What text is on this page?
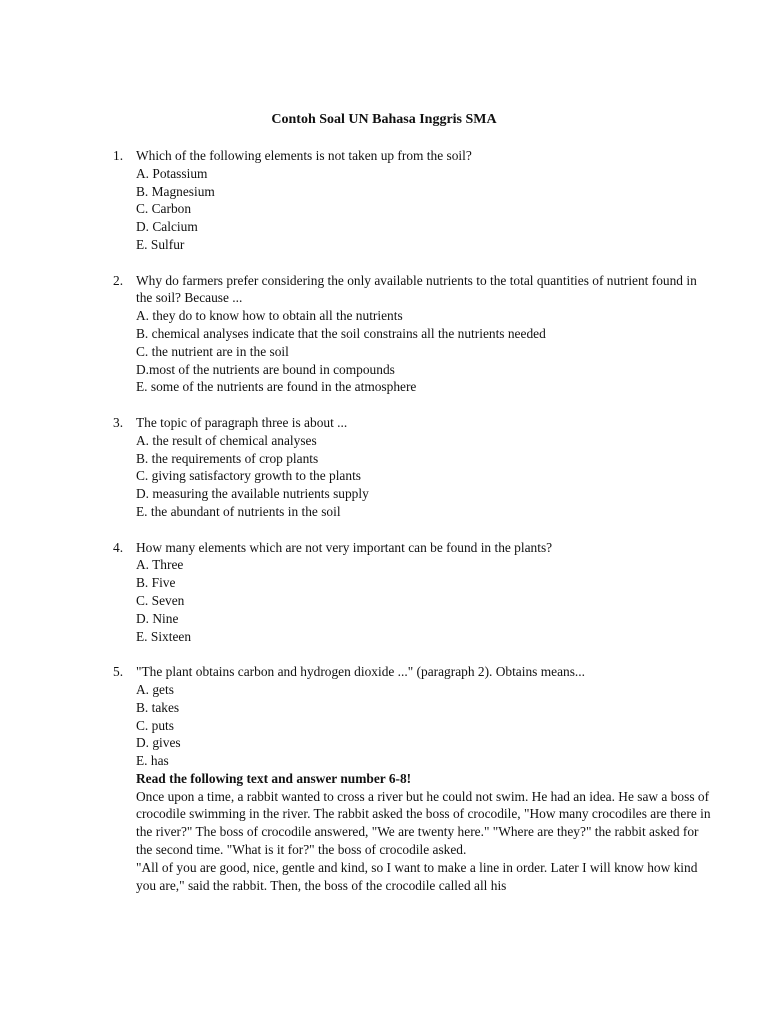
Contoh Soal UN Bahasa Inggris SMA
1. Which of the following elements is not taken up from the soil?
A. Potassium
B. Magnesium
C. Carbon
D. Calcium
E. Sulfur
2. Why do farmers prefer considering the only available nutrients to the total quantities of nutrient found in the soil? Because ...
A. they do to know how to obtain all the nutrients
B. chemical analyses indicate that the soil constrains all the nutrients needed
C. the nutrient are in the soil
D.most of the nutrients are bound in compounds
E. some of the nutrients are found in the atmosphere
3. The topic of paragraph three is about ...
A. the result of chemical analyses
B. the requirements of crop plants
C. giving satisfactory growth to the plants
D. measuring the available nutrients supply
E. the abundant of nutrients in the soil
4. How many elements which are not very important can be found in the plants?
A. Three
B. Five
C. Seven
D. Nine
E. Sixteen
5. "The plant obtains carbon and hydrogen dioxide ..." (paragraph 2). Obtains means...
A. gets
B. takes
C. puts
D. gives
E. has
Read the following text and answer number 6-8!
Once upon a time, a rabbit wanted to cross a river but he could not swim. He had an idea. He saw a boss of crocodile swimming in the river. The rabbit asked the boss of crocodile, "How many crocodiles are there in the river?" The boss of crocodile answered, "We are twenty here." "Where are they?" the rabbit asked for the second time. "What is it for?" the boss of crocodile asked.
"All of you are good, nice, gentle and kind, so I want to make a line in order. Later I will know how kind you are," said the rabbit. Then, the boss of the crocodile called all his
